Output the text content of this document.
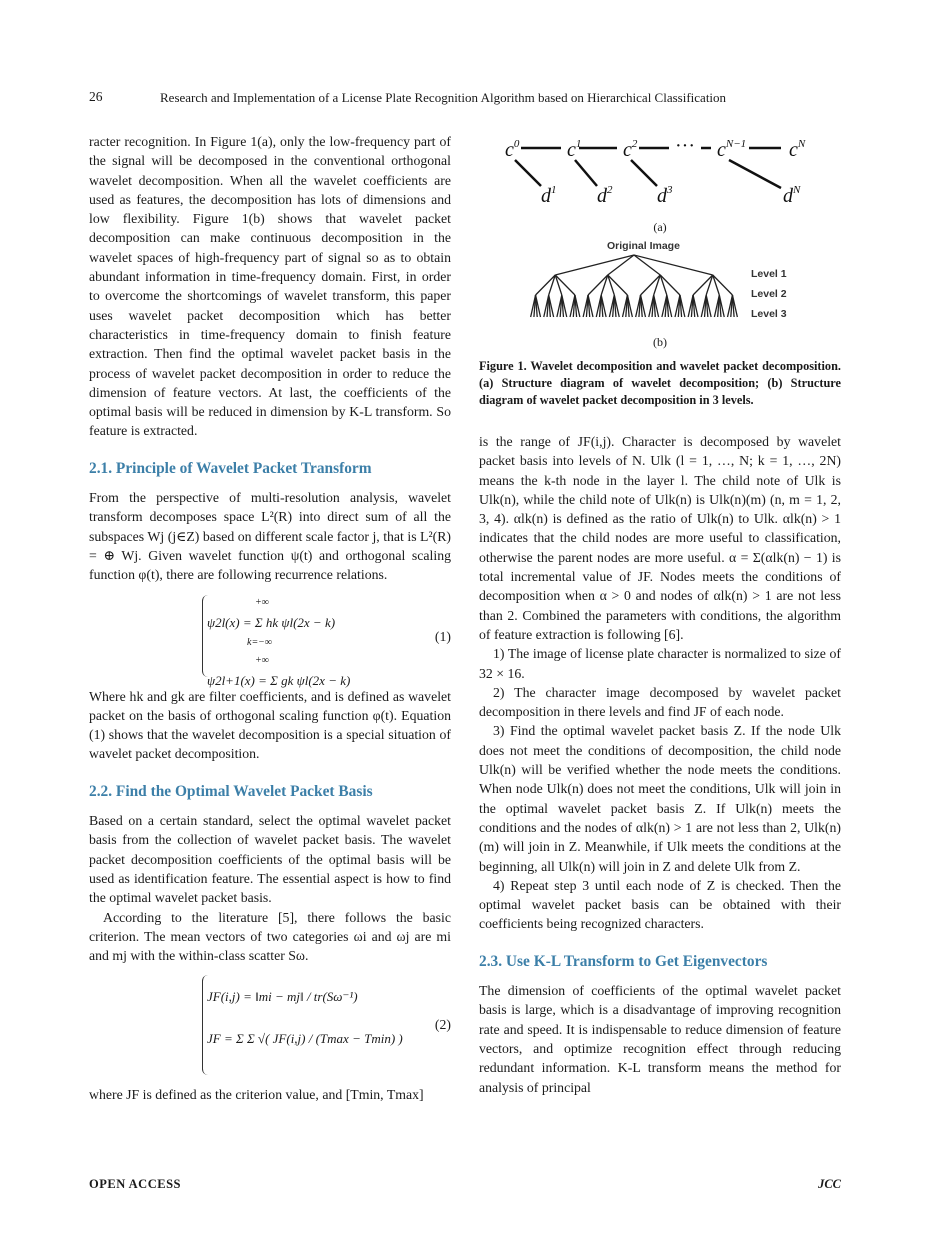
26	Research and Implementation of a License Plate Recognition Algorithm based on Hierarchical Classification

racter recognition. In Figure 1(a), only the low-frequency part of the signal will be decomposed in the conventional orthogonal wavelet decomposition. When all the wavelet coefficients are used as features, the decomposition has lots of dimensions and low flexibility. Figure 1(b) shows that wavelet packet decomposition can make continuous decomposition in the wavelet spaces of high-frequency part of signal so as to obtain abundant information in time-frequency domain. First, in order to overcome the shortcomings of wavelet transform, this paper uses wavelet packet decomposition which has better characteristics in time-frequency domain to finish feature extraction. Then find the optimal wavelet packet basis in the process of wavelet packet decomposition in order to reduce the dimension of feature vectors. At last, the coefficients of the optimal basis will be reduced in dimension by K-L transform. So feature is extracted.

2.1. Principle of Wavelet Packet Transform

From the perspective of multi-resolution analysis, wavelet transform decomposes space L²(R) into direct sum of all the subspaces Wj (j∈Z) based on different scale factor j, that is L²(R) = ⊕ Wj. Given wavelet function ψ(t) and orthogonal scaling function φ(t), there are following recurrence relations.

+∞
ψ2l(x) = Σ hk ψl(2x − k)
k=−∞
+∞
ψ2l+1(x) = Σ gk ψl(2x − k)
(1)

Where hk and gk are filter coefficients, and is defined as wavelet packet on the basis of orthogonal scaling function φ(t). Equation (1) shows that the wavelet decomposition is a special situation of wavelet packet decomposition.

2.2. Find the Optimal Wavelet Packet Basis

Based on a certain standard, select the optimal wavelet packet basis from the collection of wavelet packet basis. The wavelet packet decomposition coefficients of the optimal basis will be used as identification feature. The essential aspect is how to find the optimal wavelet packet basis.

According to the literature [5], there follows the basic criterion. The mean vectors of two categories ωi and ωj are mi and mj with the within-class scatter Sω.

JF(i,j) = ‖mi − mj‖ / tr(Sω⁻¹)
JF = Σ Σ √( JF(i,j) / (Tmax − Tmin) )
(2)

where JF is defined as the criterion value, and [Tmin, Tmax]

$c^0$ $c^1$ $c^2$	$c^{N-1}$ $c^N$
$d^1$ $d^2$ $d^3$	$d^N$
···
(a)
Original Image
Level 1
Level 2
Level 3
(b)
Figure 1. Wavelet decomposition and wavelet packet decomposition. (a) Structure diagram of wavelet decomposition; (b) Structure diagram of wavelet packet decomposition in 3 levels.

is the range of JF(i,j). Character is decomposed by wavelet packet basis into levels of N. Ulk (l = 1, …, N; k = 1, …, 2N) means the k-th node in the layer l. The child note of Ulk is Ulk(n), while the child note of Ulk(n) is Ulk(n)(m) (n, m = 1, 2, 3, 4). αlk(n) is defined as the ratio of Ulk(n) to Ulk. αlk(n) > 1 indicates that the child nodes are more useful to classification, otherwise the parent nodes are more useful. α = Σ(αlk(n) − 1) is total incremental value of JF. Nodes meets the conditions of decomposition when α > 0 and nodes of αlk(n) > 1 are not less than 2. Combined the parameters with conditions, the algorithm of feature extraction is following [6].

1) The image of license plate character is normalized to size of 32 × 16.

2) The character image decomposed by wavelet packet decomposition in there levels and find JF of each node.

3) Find the optimal wavelet packet basis Z. If the node Ulk does not meet the conditions of decomposition, the child node Ulk(n) will be verified whether the node meets the conditions. When node Ulk(n) does not meet the conditions, Ulk will join in the optimal wavelet packet basis Z. If Ulk(n) meets the conditions and the nodes of αlk(n) > 1 are not less than 2, Ulk(n)(m) will join in Z. Meanwhile, if Ulk meets the conditions at the beginning, all Ulk(n) will join in Z and delete Ulk from Z.

4) Repeat step 3 until each node of Z is checked. Then the optimal wavelet packet basis can be obtained with their coefficients being recognized characters.

2.3. Use K-L Transform to Get Eigenvectors

The dimension of coefficients of the optimal wavelet packet basis is large, which is a disadvantage of improving recognition rate and speed. It is indispensable to reduce dimension of feature vectors, and optimize recognition effect through reducing redundant information. K-L transform means the method for analysis of principal

OPEN ACCESS	JCC
